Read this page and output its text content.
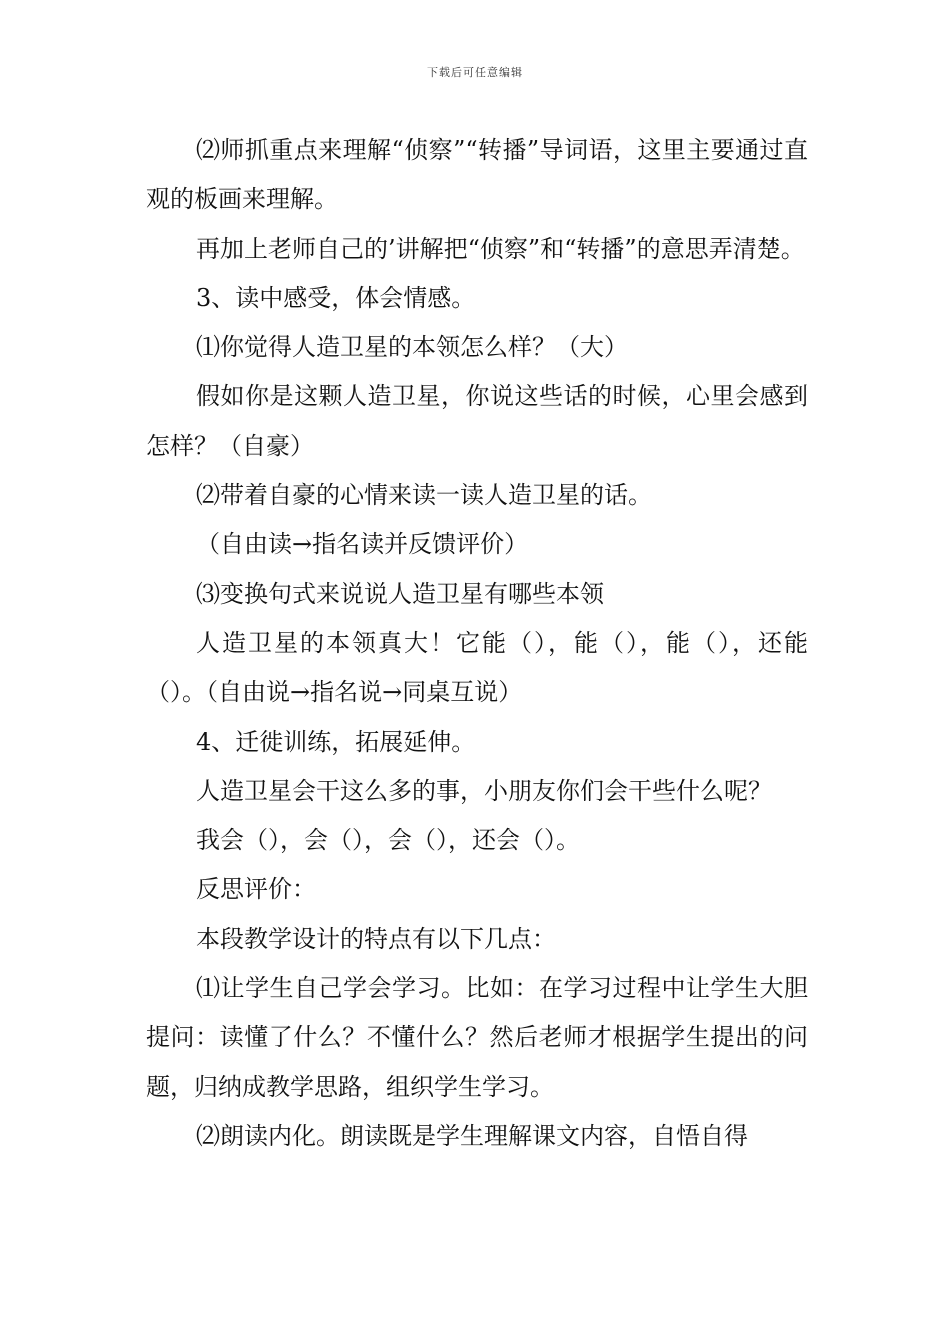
下载后可任意编辑

⑵师抓重点来理解“侦察”“转播”导词语，这里主要通过直观的板画来理解。

再加上老师自己的’讲解把“侦察”和“转播”的意思弄清楚。

3、读中感受，体会情感。

⑴你觉得人造卫星的本领怎么样？（大）

假如你是这颗人造卫星，你说这些话的时候，心里会感到怎样？（自豪）

⑵带着自豪的心情来读一读人造卫星的话。

（自由读→指名读并反馈评价）

⑶变换句式来说说人造卫星有哪些本领

人造卫星的本领真大！它能（），能（），能（），还能（）。（自由说→指名说→同桌互说）

4、迁徙训练，拓展延伸。

人造卫星会干这么多的事，小朋友你们会干些什么呢？

我会（），会（），会（），还会（）。

反思评价：

本段教学设计的特点有以下几点：

⑴让学生自己学会学习。比如：在学习过程中让学生大胆提问：读懂了什么？不懂什么？然后老师才根据学生提出的问题，归纳成教学思路，组织学生学习。

⑵朗读内化。朗读既是学生理解课文内容，自悟自得
